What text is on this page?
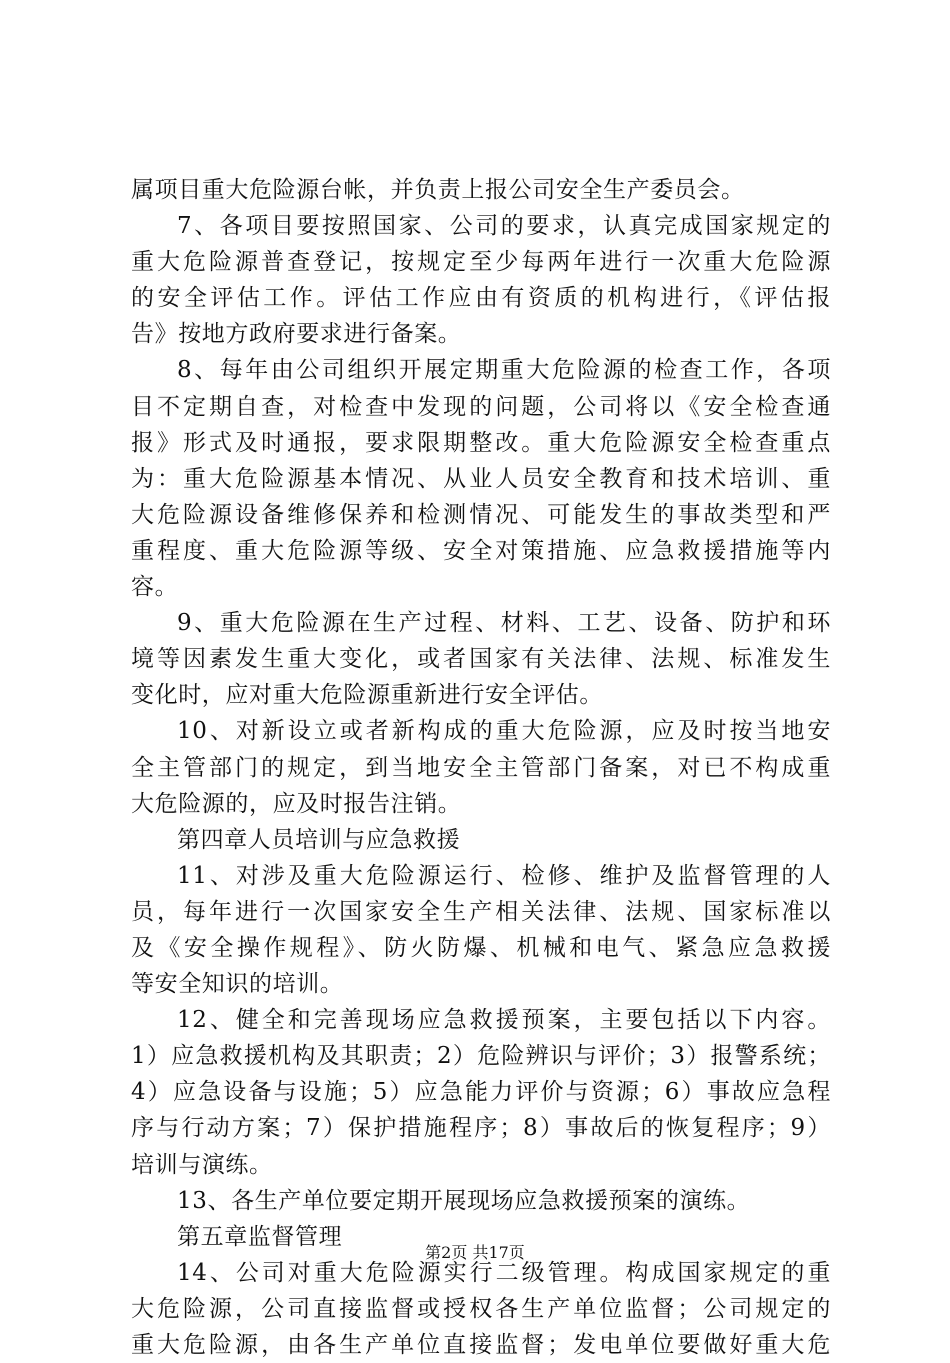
属项目重大危险源台帐，并负责上报公司安全生产委员会。
7、各项目要按照国家、公司的要求，认真完成国家规定的
重大危险源普查登记，按规定至少每两年进行一次重大危险源
的安全评估工作。评估工作应由有资质的机构进行，《评估报
告》按地方政府要求进行备案。
8、每年由公司组织开展定期重大危险源的检查工作，各项
目不定期自查，对检查中发现的问题，公司将以《安全检查通
报》形式及时通报，要求限期整改。重大危险源安全检查重点
为：重大危险源基本情况、从业人员安全教育和技术培训、重
大危险源设备维修保养和检测情况、可能发生的事故类型和严
重程度、重大危险源等级、安全对策措施、应急救援措施等内
容。
9、重大危险源在生产过程、材料、工艺、设备、防护和环
境等因素发生重大变化，或者国家有关法律、法规、标准发生
变化时，应对重大危险源重新进行安全评估。
10、对新设立或者新构成的重大危险源，应及时按当地安
全主管部门的规定，到当地安全主管部门备案，对已不构成重
大危险源的，应及时报告注销。
第四章人员培训与应急救援
11、对涉及重大危险源运行、检修、维护及监督管理的人
员，每年进行一次国家安全生产相关法律、法规、国家标准以
及《安全操作规程》、防火防爆、机械和电气、紧急应急救援
等安全知识的培训。
12、健全和完善现场应急救援预案，主要包括以下内容。
1）应急救援机构及其职责；2）危险辨识与评价；3）报警系统；
4）应急设备与设施；5）应急能力评价与资源；6）事故应急程
序与行动方案；7）保护措施程序；8）事故后的恢复程序；9）
培训与演练。
13、各生产单位要定期开展现场应急救援预案的演练。
第五章监督管理
14、公司对重大危险源实行二级管理。构成国家规定的重
大危险源，公司直接监督或授权各生产单位监督；公司规定的
重大危险源，由各生产单位直接监督；发电单位要做好重大危
第2页 共17页
